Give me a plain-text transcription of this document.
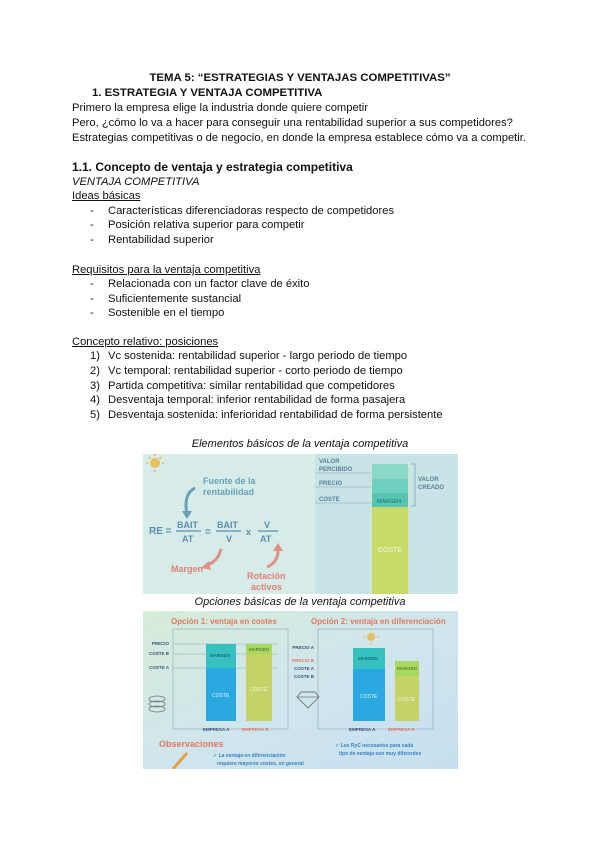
TEMA 5: “ESTRATEGIAS Y VENTAJAS COMPETITIVAS”
1. ESTRATEGIA Y VENTAJA COMPETITIVA
Primero la empresa elige la industria donde quiere competir
Pero, ¿cómo lo va a hacer para conseguir una rentabilidad superior a sus competidores?
Estrategias competitivas o de negocio, en donde la empresa establece cómo va a competir.
1.1. Concepto de ventaja y estrategia competitiva
VENTAJA COMPETITIVA
Ideas básicas
- Características diferenciadoras respecto de competidores
- Posición relativa superior para competir
- Rentabilidad superior
Requisitos para la ventaja competitiva
- Relacionada con un factor clave de éxito
- Suficientemente sustancial
- Sostenible en el tiempo
Concepto relativo: posiciones
1) Vc sostenida: rentabilidad superior - largo periodo de tiempo
2) Vc temporal: rentabilidad superior - corto periodo de tiempo
3) Partida competitiva: similar rentabilidad que competidores
4) Desventaja temporal: inferior rentabilidad de forma pasajera
5) Desventaja sostenida: inferioridad rentabilidad de forma persistente
Elementos básicos de la ventaja competitiva
Fuente de la
rentabilidad
RE =
BAIT
AT
=
BAIT
V
x
V
AT
Margen
Rotación
activos
MARGEN
COSTE
VALOR
PERCIBIDO
PRECIO
COSTE
VALOR
CREADO
Opciones básicas de la ventaja competitiva
Opción 1: ventaja en costes	Opción 2: ventaja en diferenciación
PRECIO
COSTE B
COSTE A
MARGEN
COSTE
MARGEN
COSTE
EMPRESA A	EMPRESA B
PRECIO A
PRECIO B
COSTE A
COSTE B
MARGEN
COSTE
MARGEN
COSTE
EMPRESA A	EMPRESA B
Observaciones
✓ La ventaja en diferenciación
requiere mayores costes, en general
✓ Los RyC necesarios para cada
tipo de ventaja son muy diferentes
